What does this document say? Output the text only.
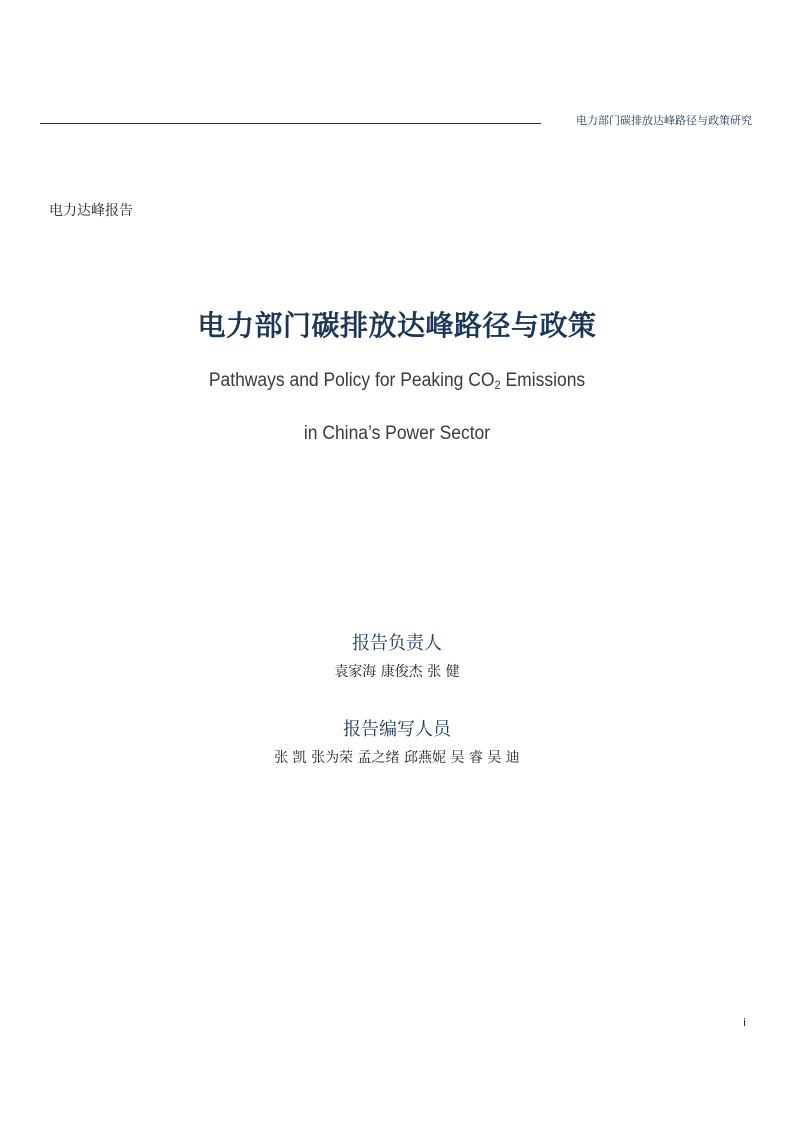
电力部门碳排放达峰路径与政策研究
电力达峰报告
电力部门碳排放达峰路径与政策
Pathways and Policy for Peaking $CO_2$ Emissions
in China’s Power Sector
报告负责人
袁家海 康俊杰 张 健
报告编写人员
张 凯 张为荣 孟之绪 邱燕妮 吴 睿 吴 迪
i
